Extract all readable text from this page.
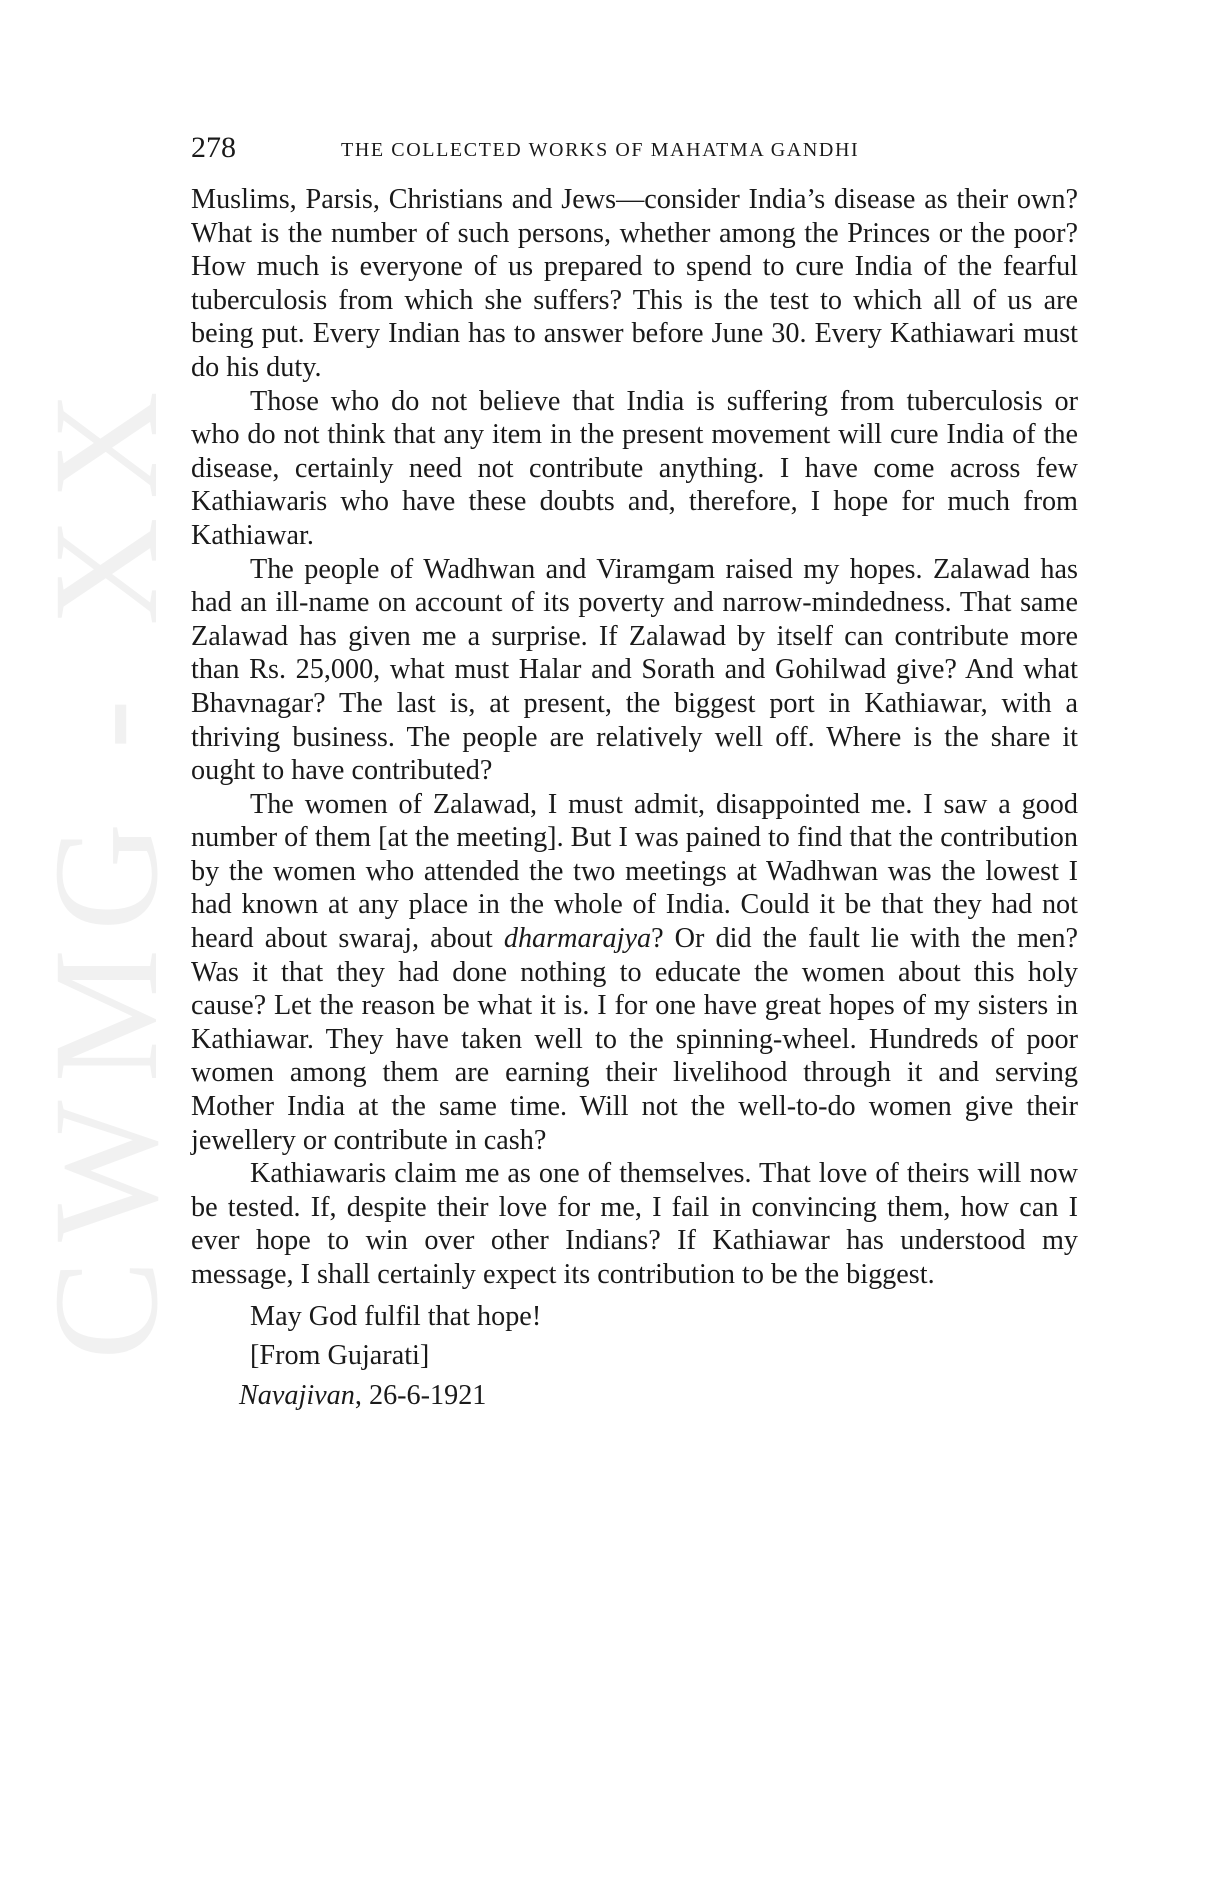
CWMG - XX
278	THE COLLECTED WORKS OF MAHATMA GANDHI

Muslims, Parsis, Christians and Jews—consider India’s disease as their own? What is the number of such persons, whether among the Princes or the poor? How much is everyone of us prepared to spend to cure India of the fearful tuberculosis from which she suffers? This is the test to which all of us are being put. Every Indian has to answer before June 30. Every Kathiawari must do his duty.

Those who do not believe that India is suffering from tuberculosis or who do not think that any item in the present movement will cure India of the disease, certainly need not contribute anything. I have come across few Kathiawaris who have these doubts and, therefore, I hope for much from Kathiawar.

The people of Wadhwan and Viramgam raised my hopes. Zalawad has had an ill-name on account of its poverty and narrow-mindedness. That same Zalawad has given me a surprise. If Zalawad by itself can contribute more than Rs. 25,000, what must Halar and Sorath and Gohilwad give? And what Bhavnagar? The last is, at present, the biggest port in Kathiawar, with a thriving business. The people are relatively well off. Where is the share it ought to have contributed?

The women of Zalawad, I must admit, disappointed me. I saw a good number of them [at the meeting]. But I was pained to find that the contribution by the women who attended the two meetings at Wadhwan was the lowest I had known at any place in the whole of India. Could it be that they had not heard about swaraj, about dharmarajya? Or did the fault lie with the men? Was it that they had done nothing to educate the women about this holy cause? Let the reason be what it is. I for one have great hopes of my sisters in Kathiawar. They have taken well to the spinning-wheel. Hundreds of poor women among them are earning their livelihood through it and serving Mother India at the same time. Will not the well-to-do women give their jewellery or contribute in cash?

Kathiawaris claim me as one of themselves. That love of theirs will now be tested. If, despite their love for me, I fail in convincing them, how can I ever hope to win over other Indians? If Kathiawar has understood my message, I shall certainly expect its contribution to be the biggest.

May God fulfil that hope!
[From Gujarati]
Navajivan, 26-6-1921
